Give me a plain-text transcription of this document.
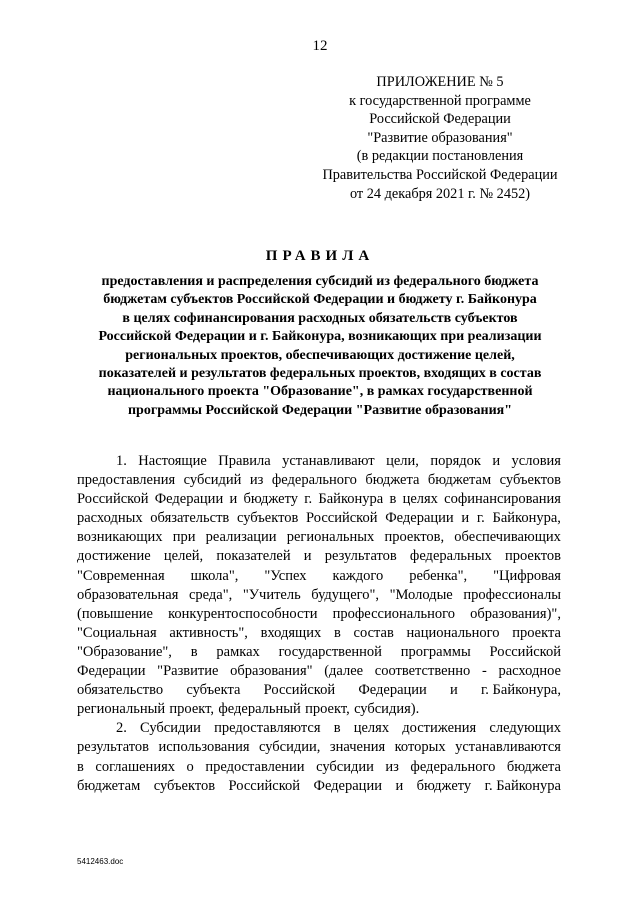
12
ПРИЛОЖЕНИЕ № 5
к государственной программе
Российской Федерации
"Развитие образования"
(в редакции постановления
Правительства Российской Федерации
от 24 декабря 2021 г. № 2452)
ПРАВИЛА
предоставления и распределения субсидий из федерального бюджета
бюджетам субъектов Российской Федерации и бюджету г. Байконура
в целях софинансирования расходных обязательств субъектов
Российской Федерации и г. Байконура, возникающих при реализации
региональных проектов, обеспечивающих достижение целей,
показателей и результатов федеральных проектов, входящих в состав
национального проекта "Образование", в рамках государственной
программы Российской Федерации "Развитие образования"
1. Настоящие Правила устанавливают цели, порядок и условия
предоставления субсидий из федерального бюджета бюджетам субъектов
Российской Федерации и бюджету г. Байконура в целях софинансирования
расходных обязательств субъектов Российской Федерации и г. Байконура,
возникающих при реализации региональных проектов, обеспечивающих
достижение целей, показателей и результатов федеральных проектов
"Современная школа", "Успех каждого ребенка", "Цифровая
образовательная среда", "Учитель будущего", "Молодые профессионалы
(повышение конкурентоспособности профессионального образования)",
"Социальная активность", входящих в состав национального проекта
"Образование", в рамках государственной программы Российской
Федерации "Развитие образования" (далее соответственно - расходное
обязательство субъекта Российской Федерации и г. Байконура,
региональный проект, федеральный проект, субсидия).
2. Субсидии предоставляются в целях достижения следующих
результатов использования субсидии, значения которых устанавливаются
в соглашениях о предоставлении субсидии из федерального бюджета
бюджетам субъектов Российской Федерации и бюджету г. Байконура
5412463.doc
